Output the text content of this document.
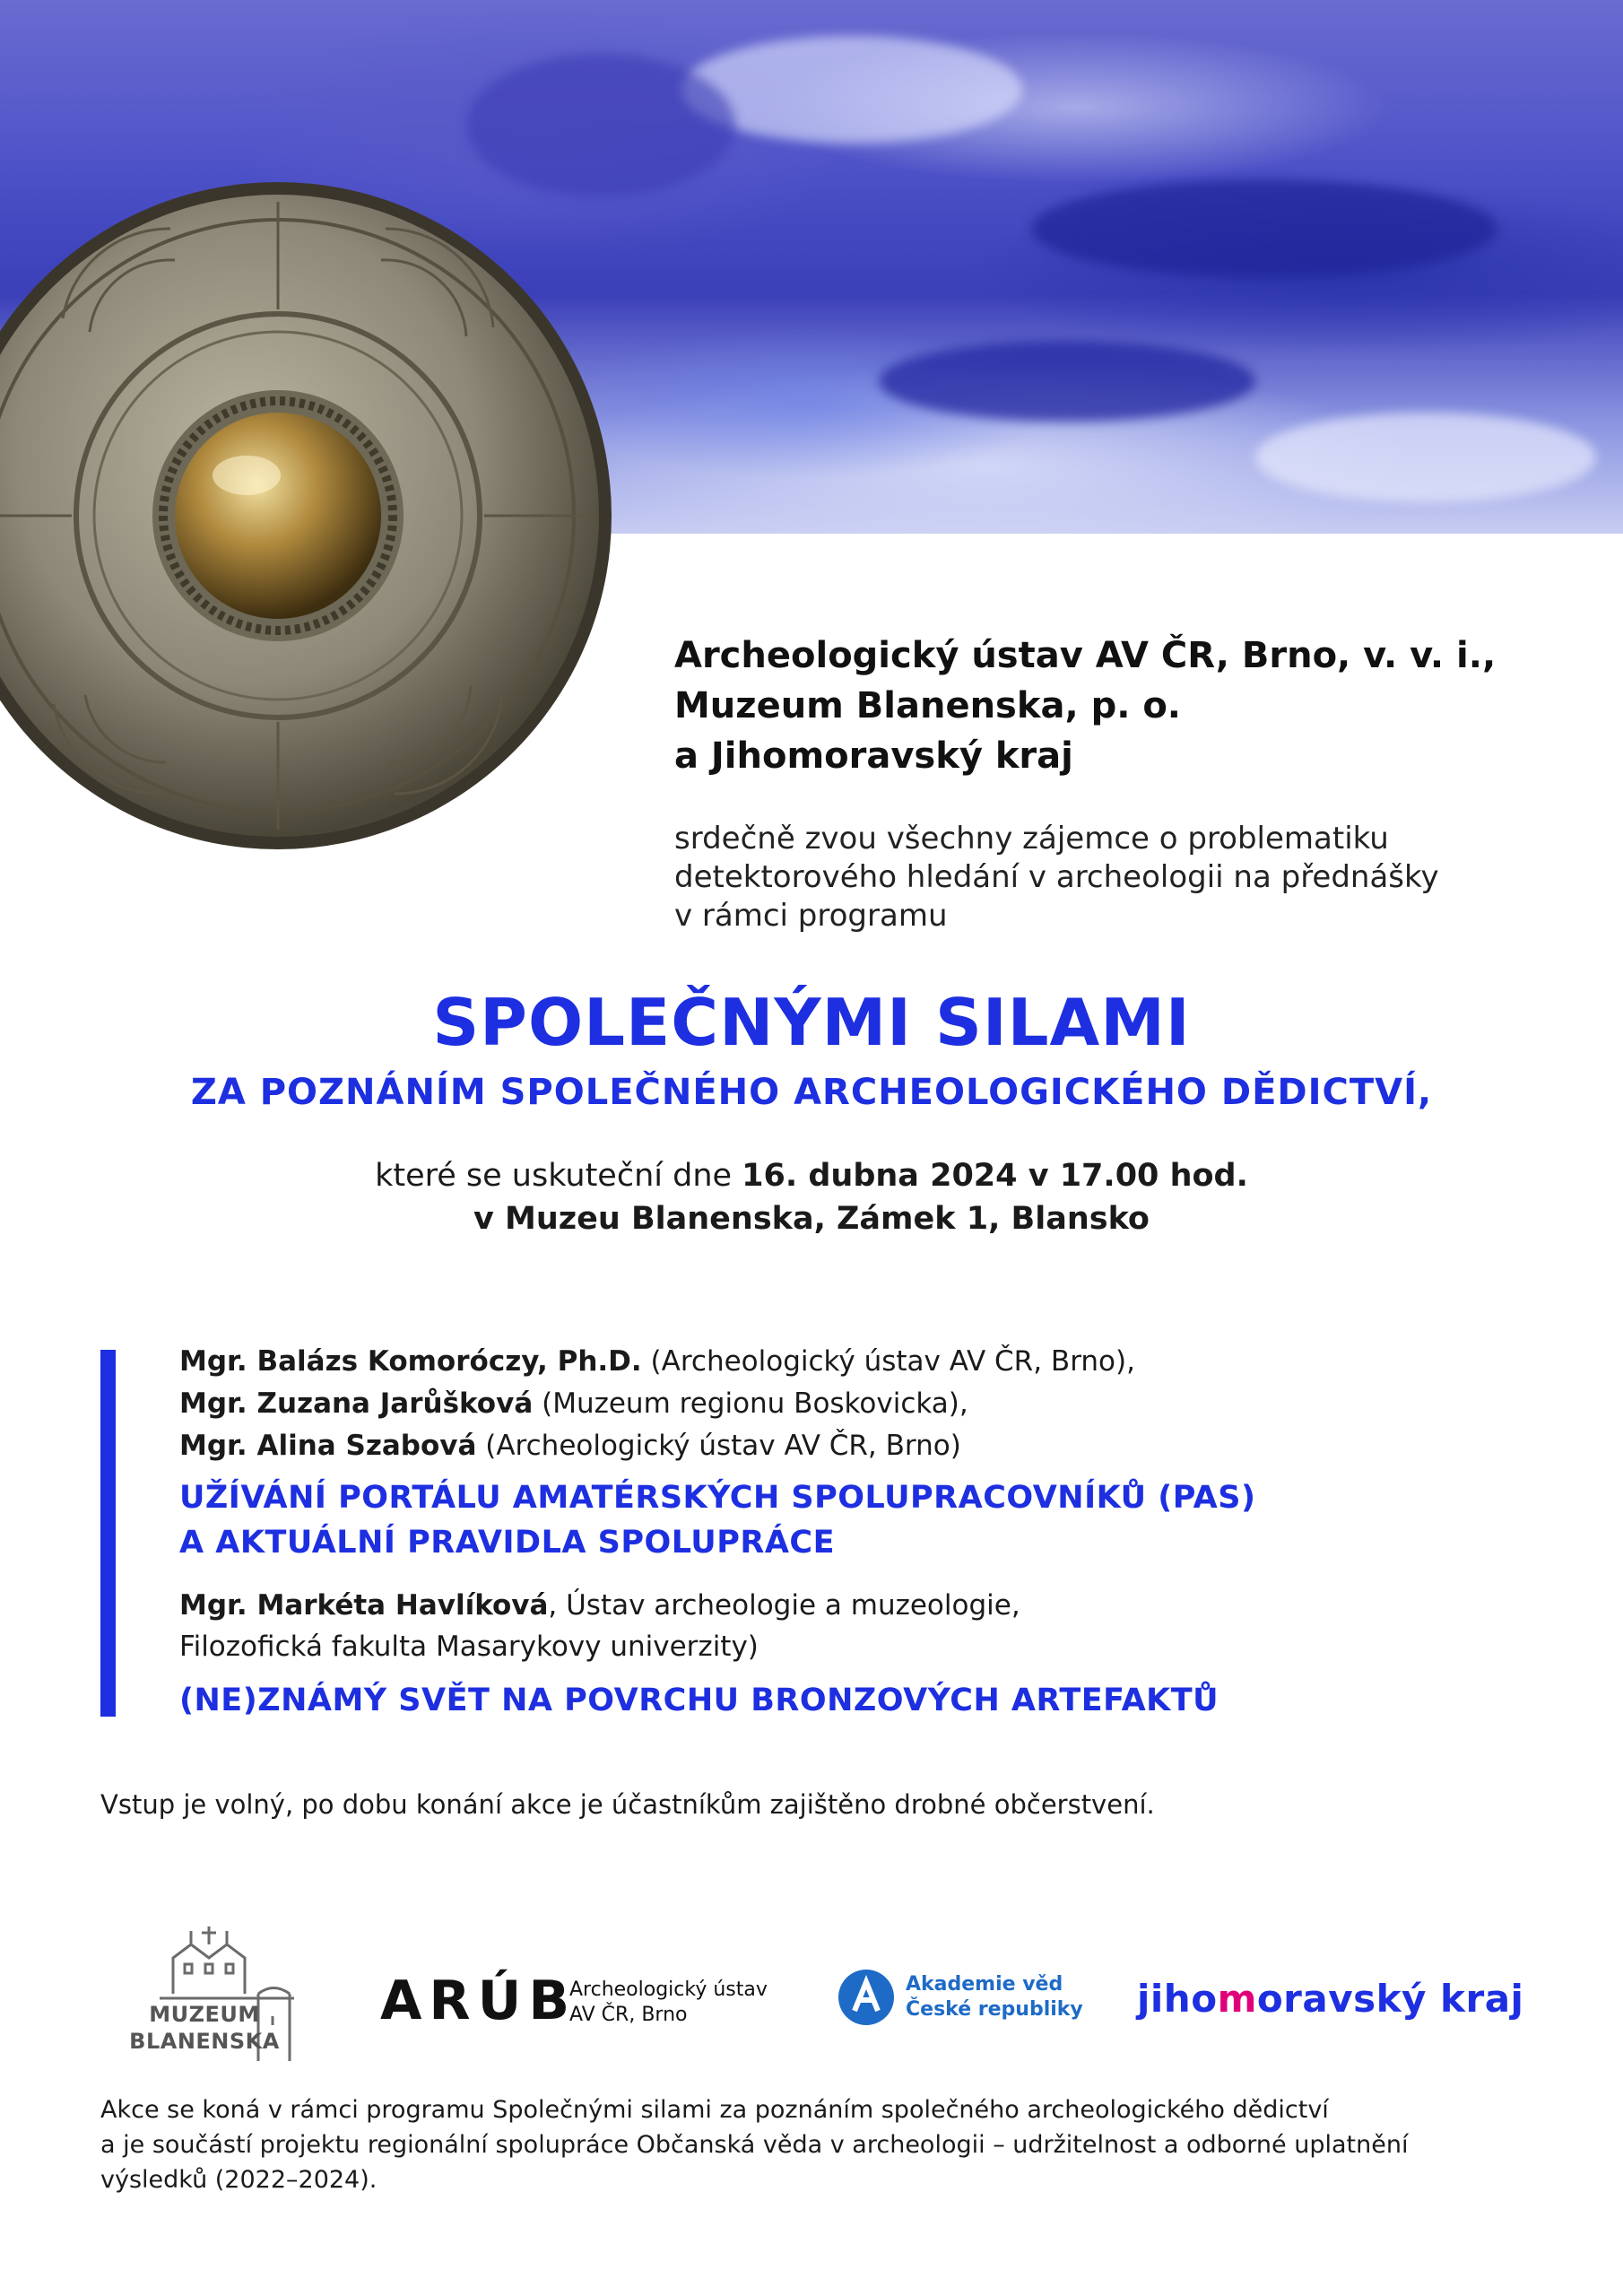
Archeologický ústav AV ČR, Brno, v. v. i.,
Muzeum Blanenska, p. o.
a Jihomoravský kraj
srdečně zvou všechny zájemce o problematiku
detektorového hledání v archeologii na přednášky
v rámci programu
SPOLEČNÝMI SILAMI
ZA POZNÁNÍM SPOLEČNÉHO ARCHEOLOGICKÉHO DĚDICTVÍ,
které se uskuteční dne 16. dubna 2024 v 17.00 hod.
v Muzeu Blanenska, Zámek 1, Blansko
Mgr. Balázs Komoróczy, Ph.D. (Archeologický ústav AV ČR, Brno),
Mgr. Zuzana Jarůšková (Muzeum regionu Boskovicka),
Mgr. Alina Szabová (Archeologický ústav AV ČR, Brno)
UŽÍVÁNÍ PORTÁLU AMATÉRSKÝCH SPOLUPRACOVNÍKŮ (PAS)
A AKTUÁLNÍ PRAVIDLA SPOLUPRÁCE
Mgr. Markéta Havlíková, Ústav archeologie a muzeologie,
Filozofická fakulta Masarykovy univerzity)
(NE)ZNÁMÝ SVĚT NA POVRCHU BRONZOVÝCH ARTEFAKTŮ
Vstup je volný, po dobu konání akce je účastníkům zajištěno drobné občerstvení.
MUZEUM
BLANENSKA
ARÚB
Archeologický ústav
AV ČR, Brno
Akademie věd
České republiky jihomoravský kraj
Akce se koná v rámci programu Společnými silami za poznáním společného archeologického dědictví
a je součástí projektu regionální spolupráce Občanská věda v archeologii – udržitelnost a odborné uplatnění
výsledků (2022–2024).
